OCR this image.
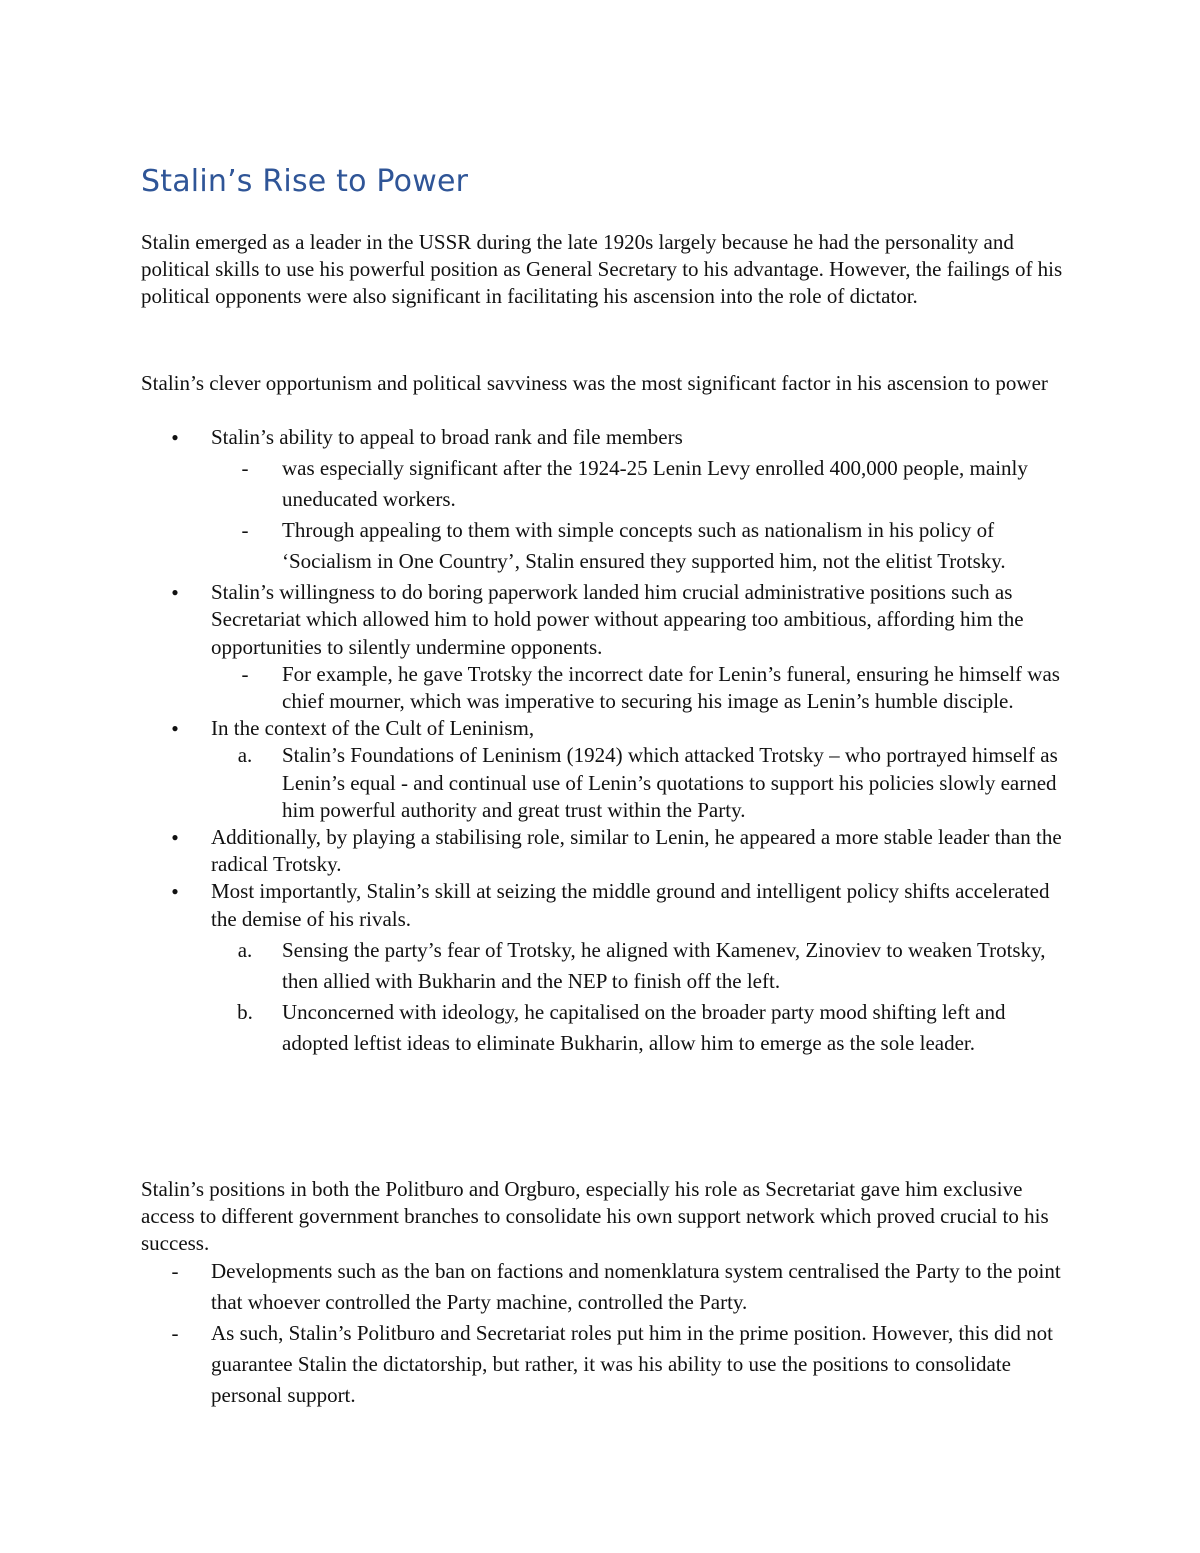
Stalin’s Rise to Power

Stalin emerged as a leader in the USSR during the late 1920s largely because he had the personality and political skills to use his powerful position as General Secretary to his advantage. However, the failings of his political opponents were also significant in facilitating his ascension into the role of dictator.

Stalin’s clever opportunism and political savviness was the most significant factor in his ascension to power

●	Stalin’s ability to appeal to broad rank and file members
-	was especially significant after the 1924-25 Lenin Levy enrolled 400,000 people, mainly uneducated workers.
-	Through appealing to them with simple concepts such as nationalism in his policy of ‘Socialism in One Country’, Stalin ensured they supported him, not the elitist Trotsky.
●	Stalin’s willingness to do boring paperwork landed him crucial administrative positions such as Secretariat which allowed him to hold power without appearing too ambitious, affording him the opportunities to silently undermine opponents.
-	For example, he gave Trotsky the incorrect date for Lenin’s funeral, ensuring he himself was chief mourner, which was imperative to securing his image as Lenin’s humble disciple.
●	In the context of the Cult of Leninism,
a. Stalin’s Foundations of Leninism (1924) which attacked Trotsky – who portrayed himself as Lenin’s equal - and continual use of Lenin’s quotations to support his policies slowly earned him powerful authority and great trust within the Party.
●	Additionally, by playing a stabilising role, similar to Lenin, he appeared a more stable leader than the radical Trotsky.
●	Most importantly, Stalin’s skill at seizing the middle ground and intelligent policy shifts accelerated the demise of his rivals.
a. Sensing the party’s fear of Trotsky, he aligned with Kamenev, Zinoviev to weaken Trotsky, then allied with Bukharin and the NEP to finish off the left.
b. Unconcerned with ideology, he capitalised on the broader party mood shifting left and adopted leftist ideas to eliminate Bukharin, allow him to emerge as the sole leader.

Stalin’s positions in both the Politburo and Orgburo, especially his role as Secretariat gave him exclusive access to different government branches to consolidate his own support network which proved crucial to his success.

-	Developments such as the ban on factions and nomenklatura system centralised the Party to the point that whoever controlled the Party machine, controlled the Party.
-	As such, Stalin’s Politburo and Secretariat roles put him in the prime position. However, this did not guarantee Stalin the dictatorship, but rather, it was his ability to use the positions to consolidate personal support.
